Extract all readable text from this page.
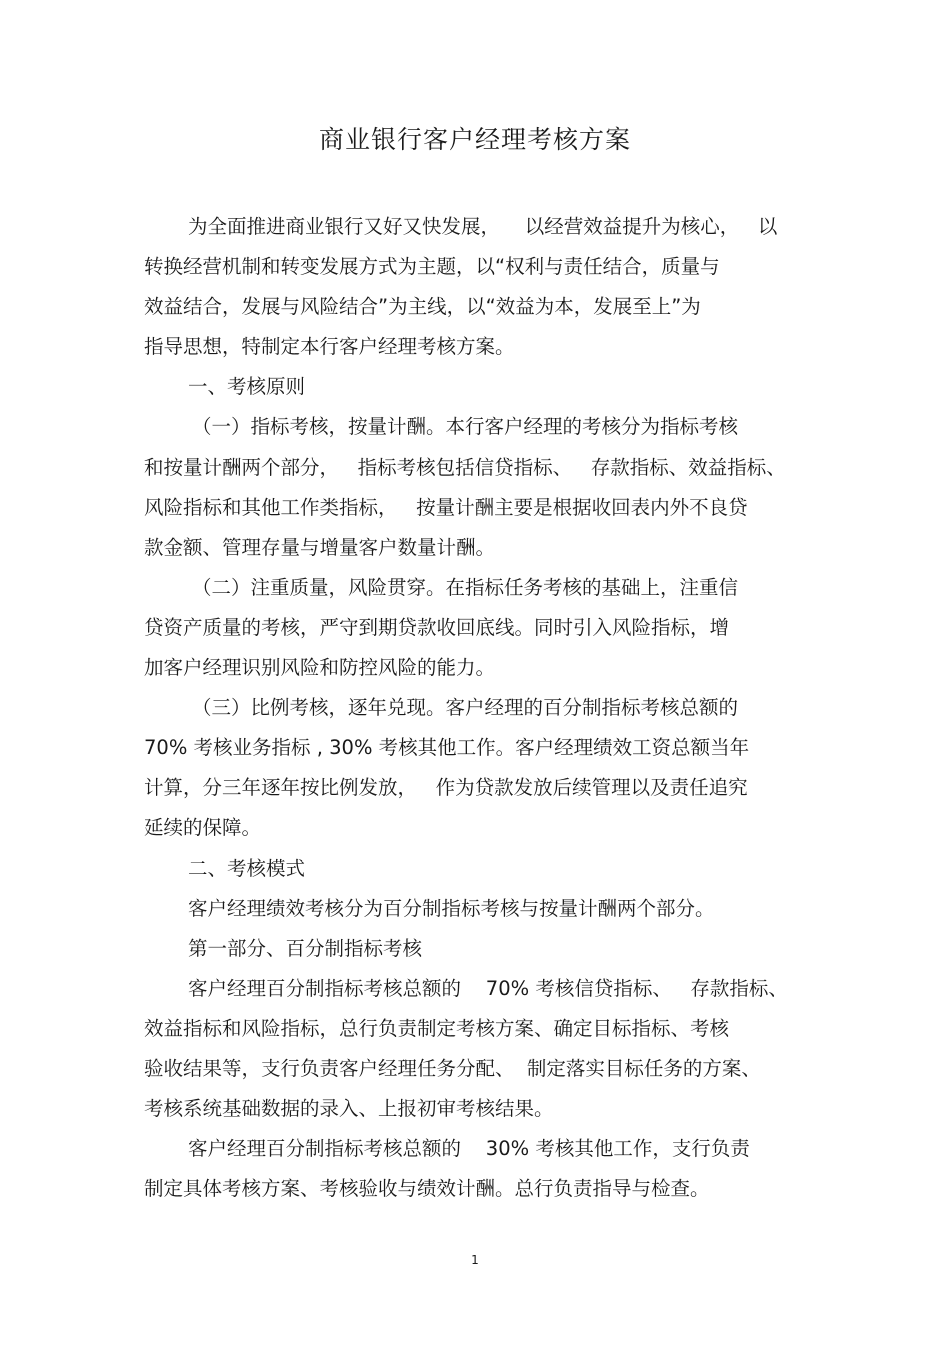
商业银行客户经理考核方案
为全面推进商业银行又好又快发展，    以经营效益提升为核心，   以
转换经营机制和转变发展方式为主题，以“权利与责任结合，质量与
效益结合，发展与风险结合”为主线，以“效益为本，发展至上”为
指导思想，特制定本行客户经理考核方案。
一、考核原则
（一）指标考核，按量计酬。本行客户经理的考核分为指标考核
和按量计酬两个部分，   指标考核包括信贷指标、   存款指标、效益指标、
风险指标和其他工作类指标，   按量计酬主要是根据收回表内外不良贷
款金额、管理存量与增量客户数量计酬。
（二）注重质量，风险贯穿。在指标任务考核的基础上，注重信
贷资产质量的考核，严守到期贷款收回底线。同时引入风险指标，增
加客户经理识别风险和防控风险的能力。
（三）比例考核，逐年兑现。客户经理的百分制指标考核总额的
70% 考核业务指标 , 30% 考核其他工作。客户经理绩效工资总额当年
计算，分三年逐年按比例发放，   作为贷款发放后续管理以及责任追究
延续的保障。
二、考核模式
客户经理绩效考核分为百分制指标考核与按量计酬两个部分。
第一部分、百分制指标考核
客户经理百分制指标考核总额的    70% 考核信贷指标、   存款指标、
效益指标和风险指标，总行负责制定考核方案、确定目标指标、考核
验收结果等，支行负责客户经理任务分配、  制定落实目标任务的方案、
考核系统基础数据的录入、上报初审考核结果。
客户经理百分制指标考核总额的    30% 考核其他工作，支行负责
制定具体考核方案、考核验收与绩效计酬。总行负责指导与检查。
1
